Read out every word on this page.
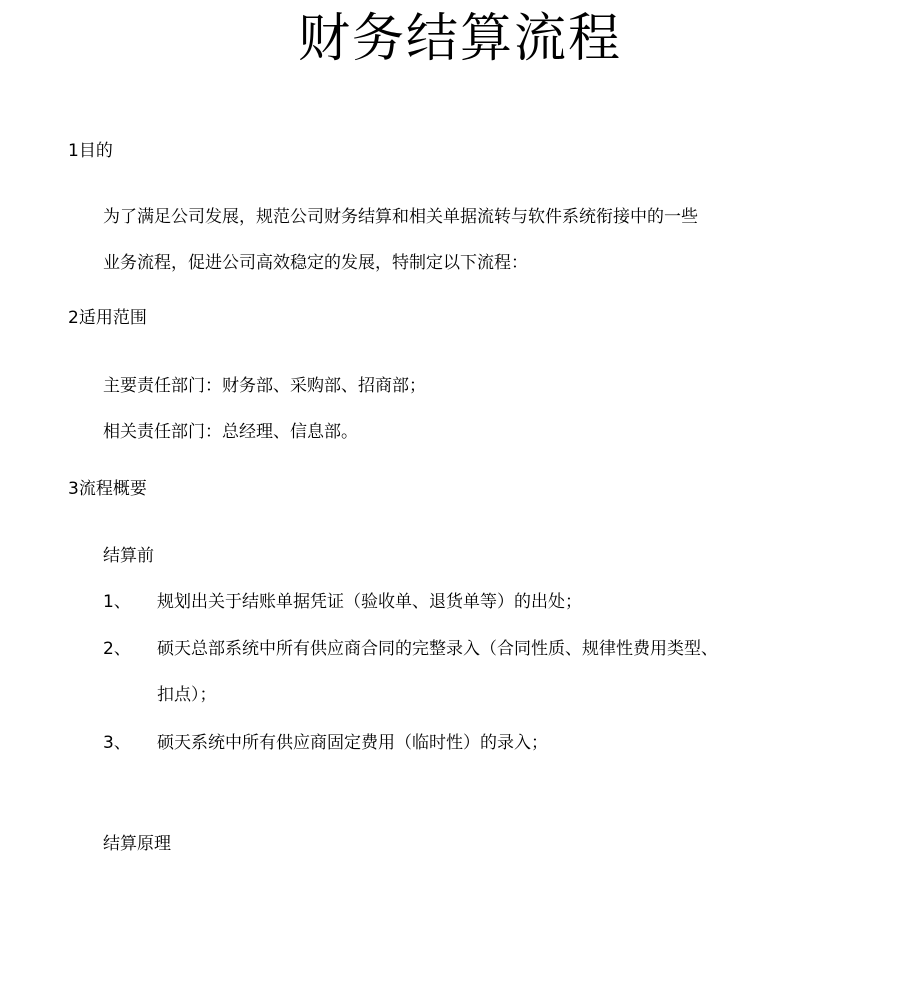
财务结算流程
1目的
为了满足公司发展，规范公司财务结算和相关单据流转与软件系统衔接中的一些
业务流程，促进公司高效稳定的发展，特制定以下流程：
2适用范围
主要责任部门：财务部、采购部、招商部；
相关责任部门：总经理、信息部。
3流程概要
结算前
1、 规划出关于结账单据凭证（验收单、退货单等）的出处；
2、 硕天总部系统中所有供应商合同的完整录入（合同性质、规律性费用类型、
扣点）；
3、 硕天系统中所有供应商固定费用（临时性）的录入；
结算原理
